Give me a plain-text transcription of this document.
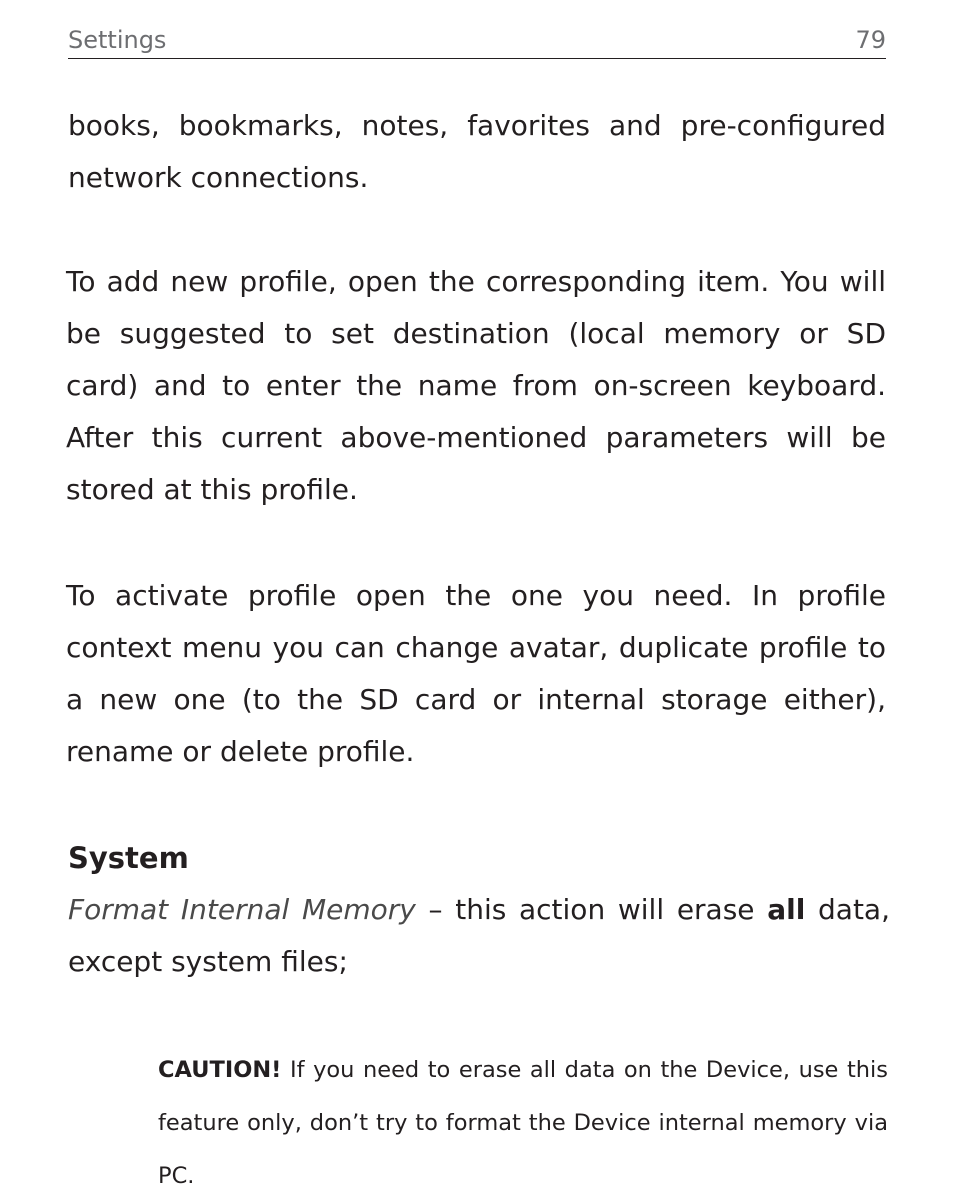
Settings	79

books, bookmarks, notes, favorites and pre-configured network connections.

To add new profile, open the corresponding item. You will be suggested to set destination (local memory or SD card) and to enter the name from on-screen keyboard. After this current above-mentioned parameters will be stored at this profile.

To activate profile open the one you need. In profile context menu you can change avatar, duplicate profile to a new one (to the SD card or internal storage either), rename or delete profile.

System

Format Internal Memory – this action will erase all data, except system files;

CAUTION! If you need to erase all data on the Device, use this feature only, don’t try to format the Device internal memory via PC.
